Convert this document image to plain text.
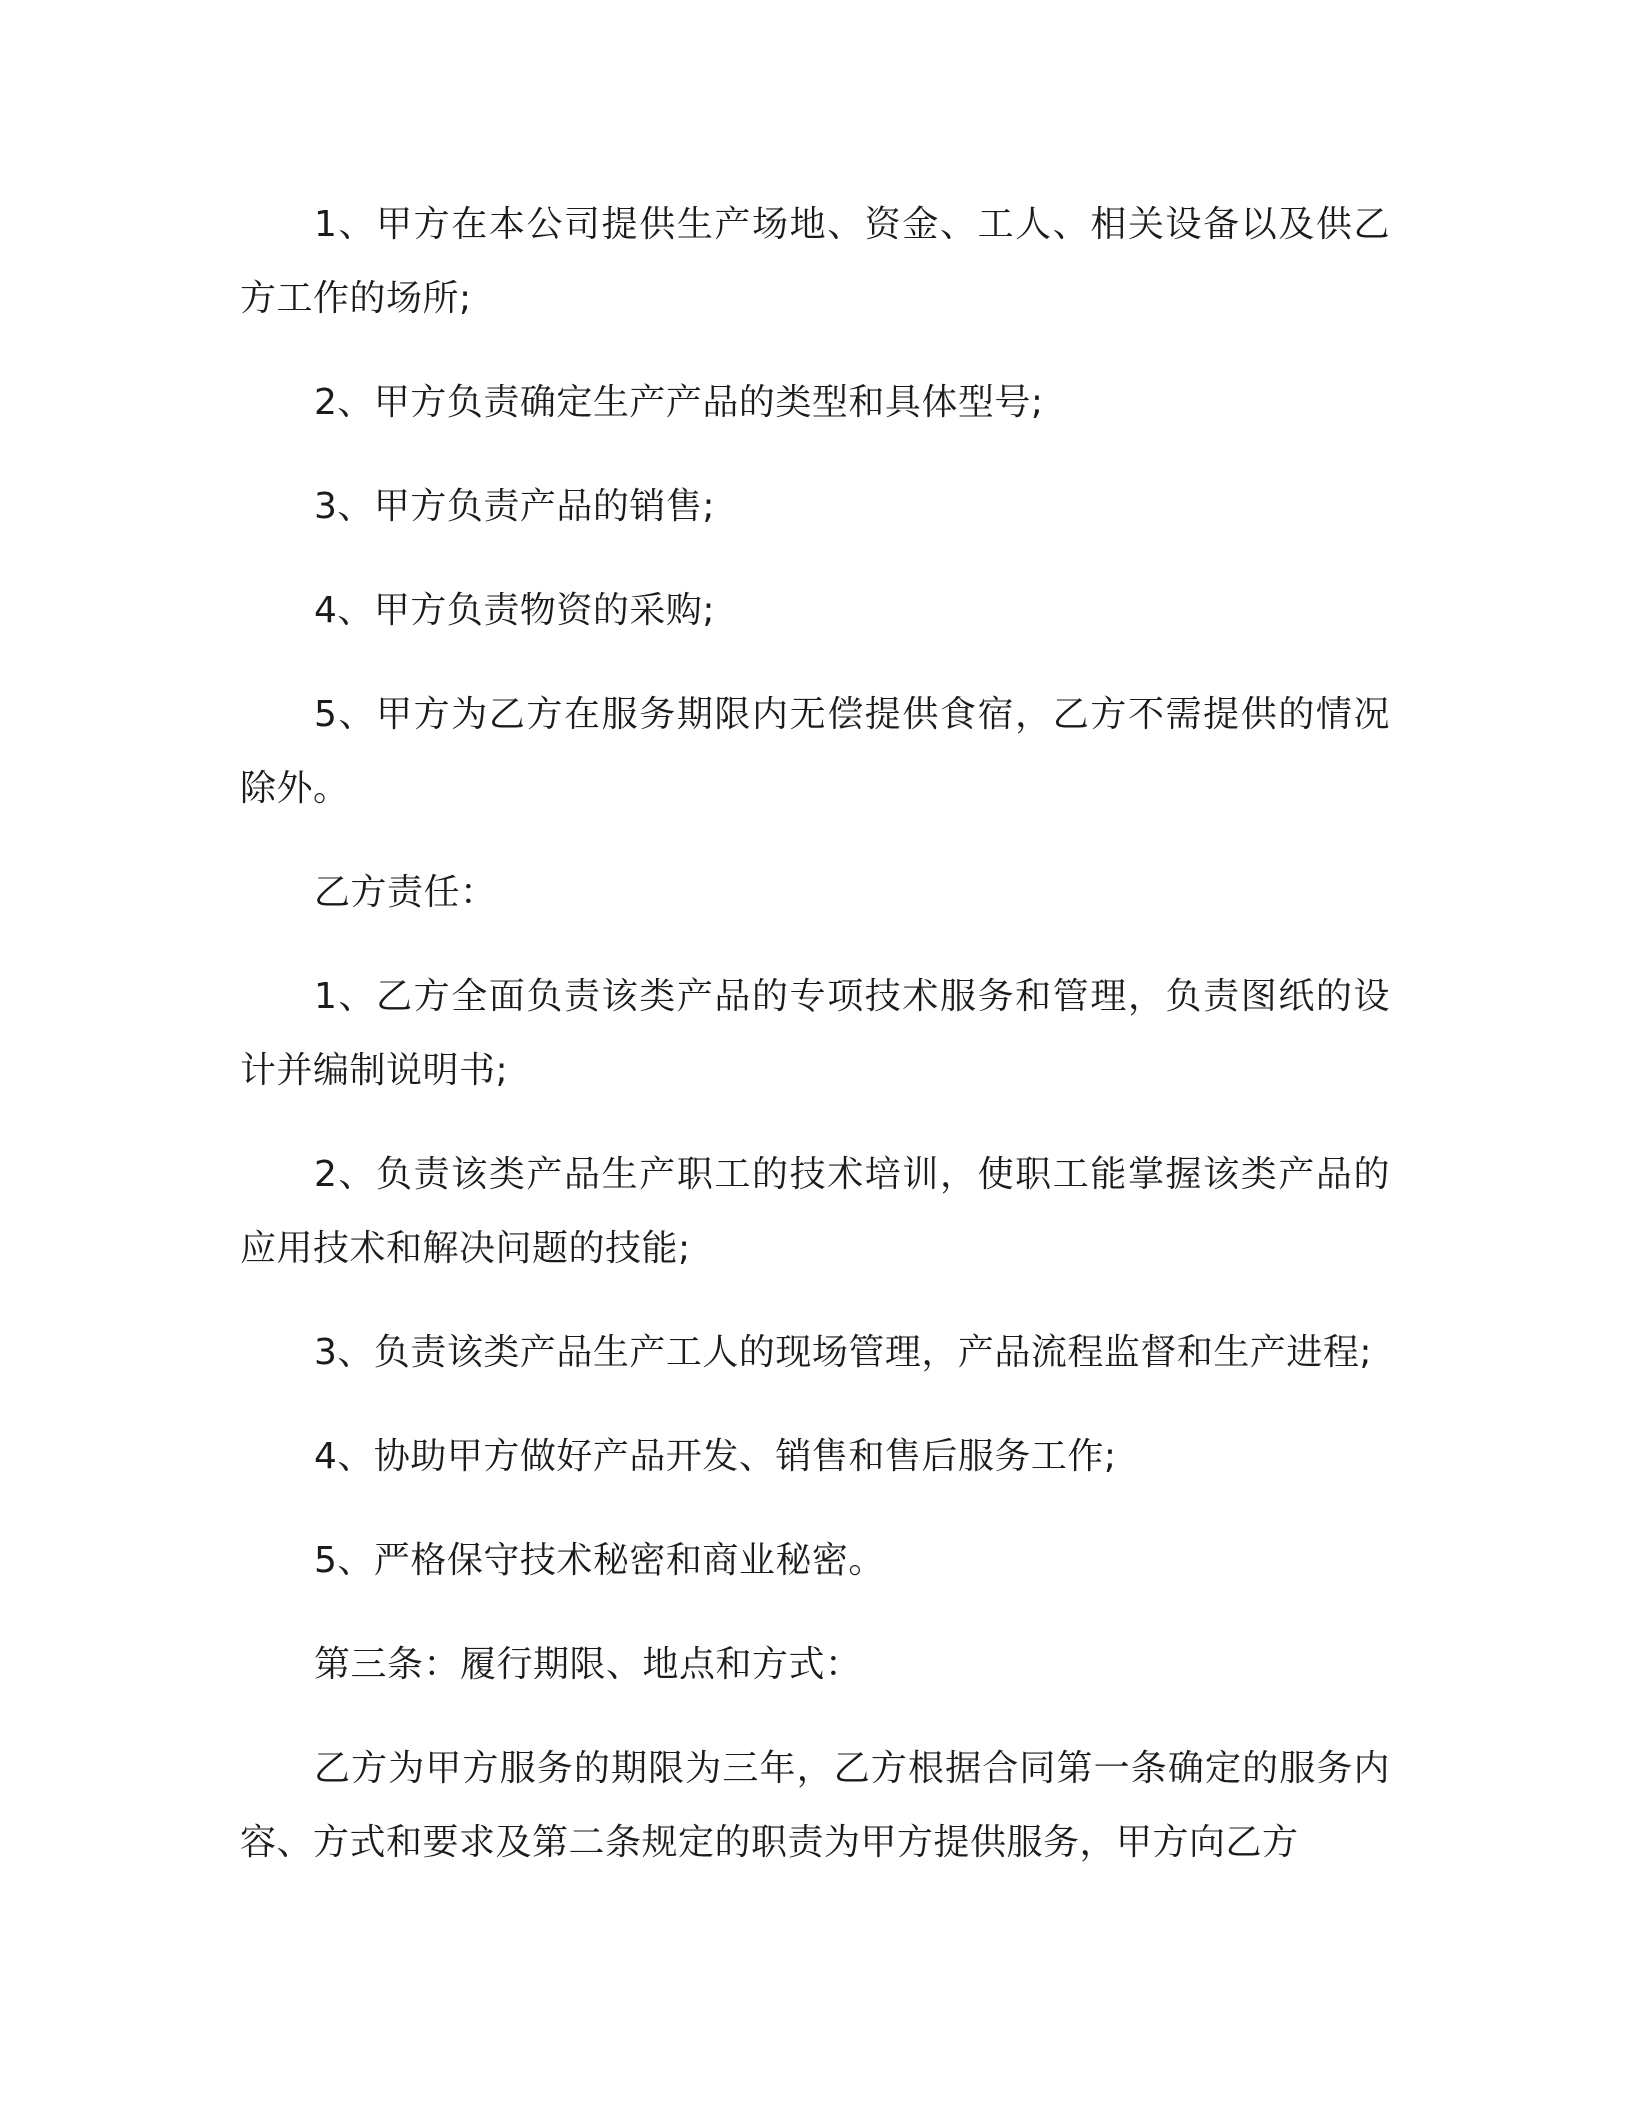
1、甲方在本公司提供生产场地、资金、工人、相关设备以及供乙方工作的场所;

2、甲方负责确定生产产品的类型和具体型号;

3、甲方负责产品的销售;

4、甲方负责物资的采购;

5、甲方为乙方在服务期限内无偿提供食宿，乙方不需提供的情况除外。

乙方责任：

1、乙方全面负责该类产品的专项技术服务和管理，负责图纸的设计并编制说明书;

2、负责该类产品生产职工的技术培训，使职工能掌握该类产品的应用技术和解决问题的技能;

3、负责该类产品生产工人的现场管理，产品流程监督和生产进程;

4、协助甲方做好产品开发、销售和售后服务工作;

5、严格保守技术秘密和商业秘密。

第三条：履行期限、地点和方式：

乙方为甲方服务的期限为三年，乙方根据合同第一条确定的服务内容、方式和要求及第二条规定的职责为甲方提供服务，甲方向乙方
